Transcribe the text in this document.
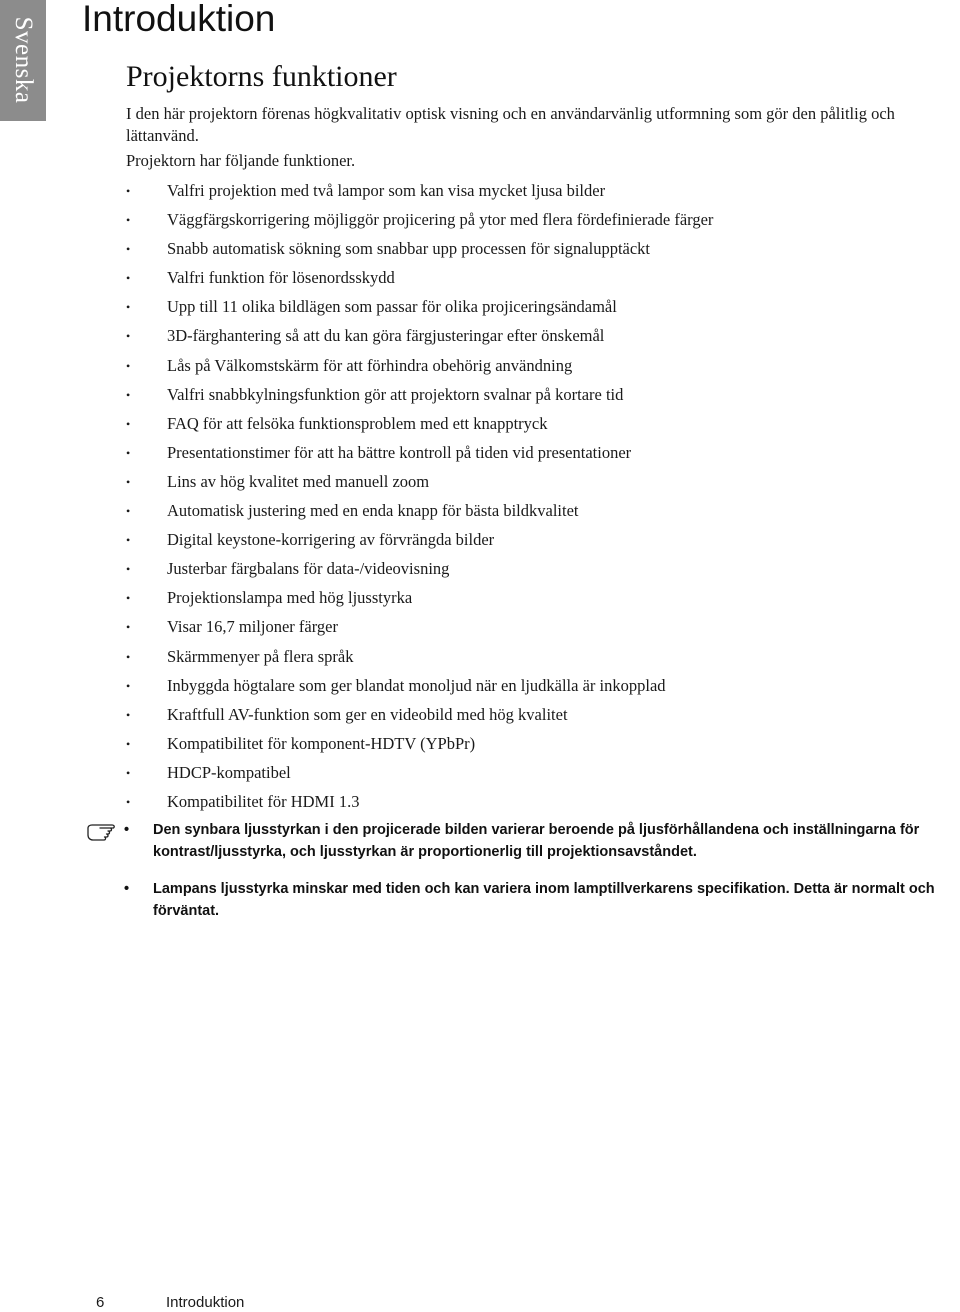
Svenska Introduktion
Projektorns funktioner

I den här projektorn förenas högkvalitativ optisk visning och en användarvänlig utformning som gör den pålitlig och lättanvänd.

Projektorn har följande funktioner.

• Valfri projektion med två lampor som kan visa mycket ljusa bilder
• Väggfärgskorrigering möjliggör projicering på ytor med flera fördefinierade färger
• Snabb automatisk sökning som snabbar upp processen för signalupptäckt
• Valfri funktion för lösenordsskydd
• Upp till 11 olika bildlägen som passar för olika projiceringsändamål
• 3D-färghantering så att du kan göra färgjusteringar efter önskemål
• Lås på Välkomstskärm för att förhindra obehörig användning
• Valfri snabbkylningsfunktion gör att projektorn svalnar på kortare tid
• FAQ för att felsöka funktionsproblem med ett knapptryck
• Presentationstimer för att ha bättre kontroll på tiden vid presentationer
• Lins av hög kvalitet med manuell zoom
• Automatisk justering med en enda knapp för bästa bildkvalitet
• Digital keystone-korrigering av förvrängda bilder
• Justerbar färgbalans för data-/videovisning
• Projektionslampa med hög ljusstyrka
• Visar 16,7 miljoner färger
• Skärmmenyer på flera språk
• Inbyggda högtalare som ger blandat monoljud när en ljudkälla är inkopplad
• Kraftfull AV-funktion som ger en videobild med hög kvalitet
• Kompatibilitet för komponent-HDTV (YPbPr)
• HDCP-kompatibel
• Kompatibilitet för HDMI 1.3
• Den synbara ljusstyrkan i den projicerade bilden varierar beroende på ljusförhållandena och inställningarna för kontrast/ljusstyrka, och ljusstyrkan är proportionerlig till projektionsavståndet.
• Lampans ljusstyrka minskar med tiden och kan variera inom lamptillverkarens specifikation. Detta är normalt och förväntat.
6	Introduktion
